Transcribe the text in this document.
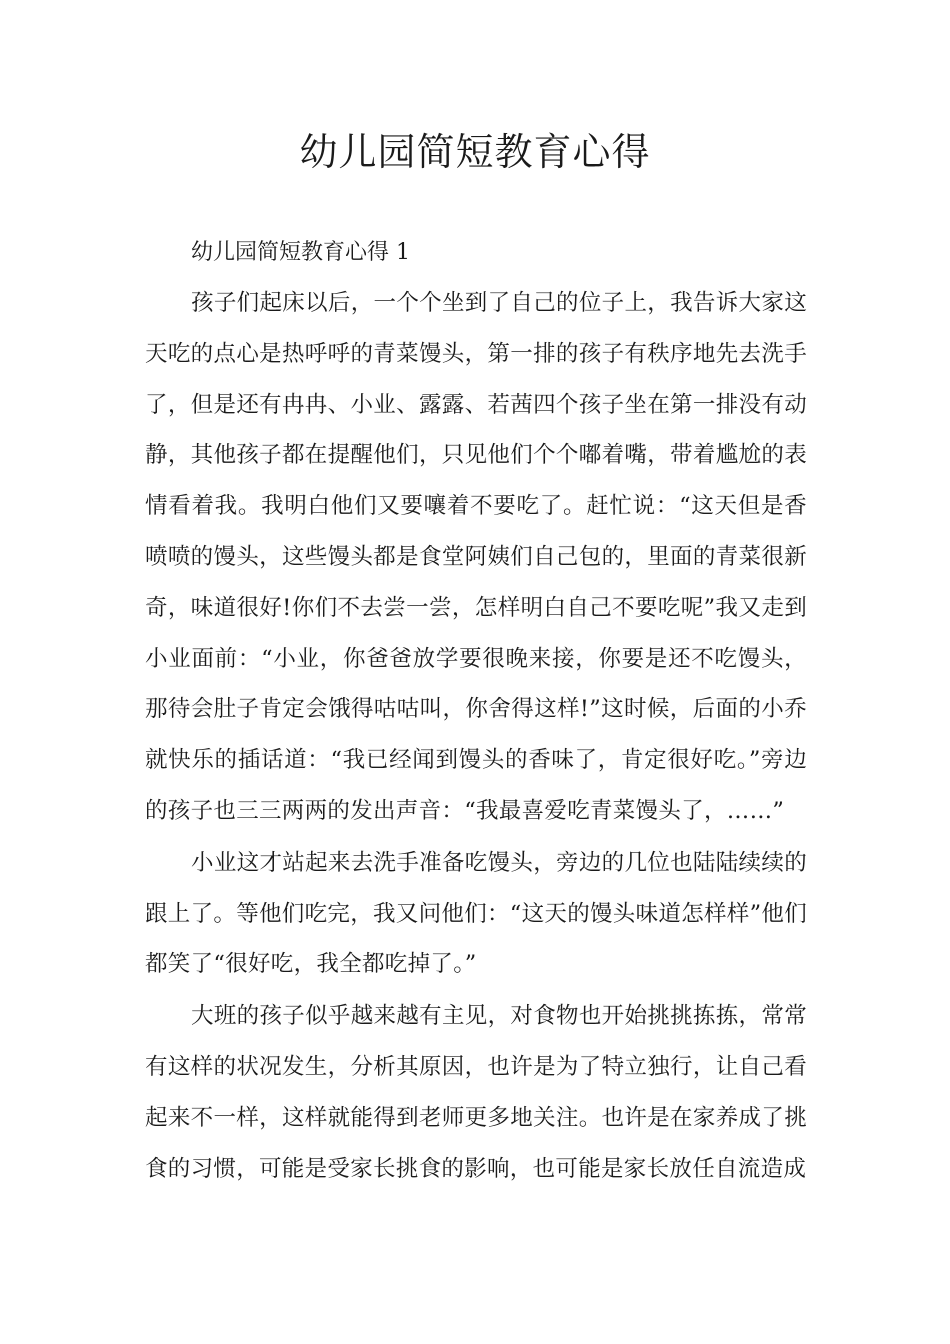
幼儿园简短教育心得

幼儿园简短教育心得 1

孩子们起床以后，一个个坐到了自己的位子上，我告诉大家这天吃的点心是热呼呼的青菜馒头，第一排的孩子有秩序地先去洗手了，但是还有冉冉、小业、露露、若茜四个孩子坐在第一排没有动静，其他孩子都在提醒他们，只见他们个个嘟着嘴，带着尴尬的表情看着我。我明白他们又要嚷着不要吃了。赶忙说：“这天但是香喷喷的馒头，这些馒头都是食堂阿姨们自己包的，里面的青菜很新奇，味道很好!你们不去尝一尝，怎样明白自己不要吃呢”我又走到小业面前：“小业，你爸爸放学要很晚来接，你要是还不吃馒头，那待会肚子肯定会饿得咕咕叫，你舍得这样!”这时候，后面的小乔就快乐的插话道：“我已经闻到馒头的香味了，肯定很好吃。”旁边的孩子也三三两两的发出声音：“我最喜爱吃青菜馒头了，……”

小业这才站起来去洗手准备吃馒头，旁边的几位也陆陆续续的跟上了。等他们吃完，我又问他们：“这天的馒头味道怎样样”他们都笑了“很好吃，我全都吃掉了。”

大班的孩子似乎越来越有主见，对食物也开始挑挑拣拣，常常有这样的状况发生，分析其原因，也许是为了特立独行，让自己看起来不一样，这样就能得到老师更多地关注。也许是在家养成了挑食的习惯，可能是受家长挑食的影响，也可能是家长放任自流造成
